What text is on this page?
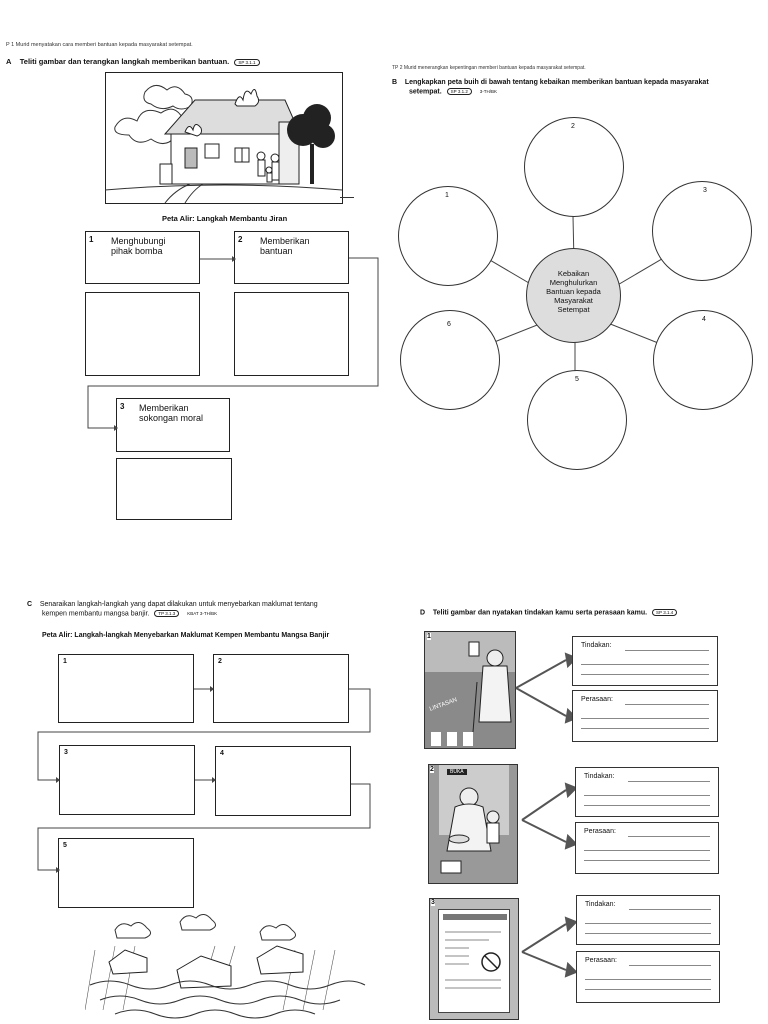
P 1 Murid menyatakan cara memberi bantuan kepada masyarakat setempat.
A Teliti gambar dan terangkan langkah memberikan bantuan. SP 3.1.1
Peta Alir: Langkah Membantu Jiran
1 Menghubungi
pihak bomba
2 Memberikan
bantuan
3 Memberikan
sokongan moral
TP 2 Murid menerangkan kepentingan memberi bantuan kepada masyarakat setempat.
B Lengkapkan peta buih di bawah tentang kebaikan memberikan bantuan kepada masyarakat
setempat. SP 3.1.2	3-TH/BK
2
1
3
6
4
5
Kebaikan
Menghulurkan
Bantuan kepada
Masyarakat
Setempat
C Senaraikan langkah-langkah yang dapat dilakukan untuk menyebarkan maklumat tentang
kempen membantu mangsa banjir. TP 3.1.3	KBAT 3-TH/BK
Peta Alir: Langkah-langkah Menyebarkan Maklumat Kempen Membantu Mangsa Banjir
1	2
3	4
5
D Teliti gambar dan nyatakan tindakan kamu serta perasaan kamu. SP 3.1.4
1
LINTASAN
2	BUKA
3
Tindakan:
Perasaan:
Tindakan:
Perasaan:
Tindakan:
Perasaan:
